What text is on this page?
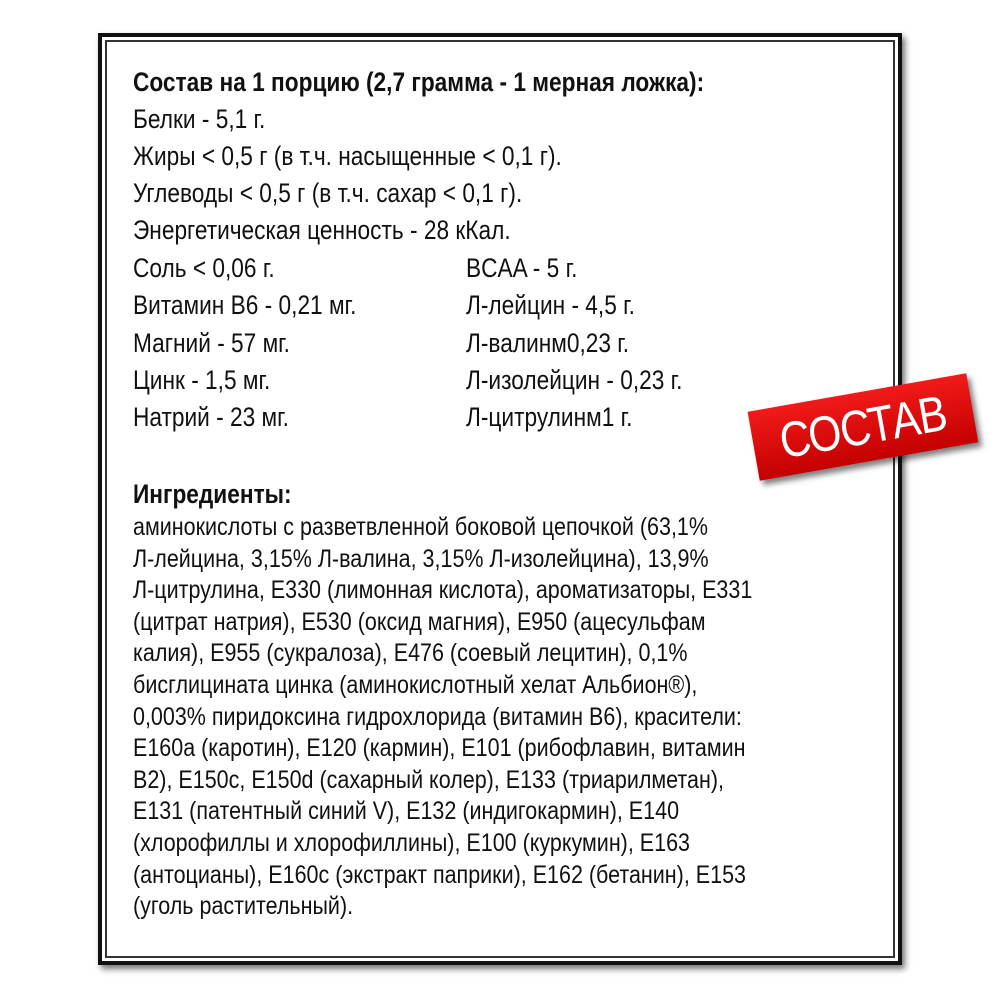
Состав на 1 порцию (2,7 грамма - 1 мерная ложка):
Белки - 5,1 г.
Жиры < 0,5 г (в т.ч. насыщенные < 0,1 г).
Углеводы < 0,5 г (в т.ч. сахар < 0,1 г).
Энергетическая ценность - 28 кКал.
Соль < 0,06 г.
Витамин B6 - 0,21 мг.
Магний - 57 мг.
Цинк - 1,5 мг.
Натрий - 23 мг.
BCAA - 5 г.
Л-лейцин - 4,5 г.
Л-валинм0,23 г.
Л-изолейцин - 0,23 г.
Л-цитрулинм1 г.	СОСТАВ
Ингредиенты:
аминокислоты с разветвленной боковой цепочкой (63,1%
Л-лейцина, 3,15% Л-валина, 3,15% Л-изолейцина), 13,9%
Л-цитрулина, E330 (лимонная кислота), ароматизаторы, E331
(цитрат натрия), E530 (оксид магния), E950 (ацесульфам
калия), E955 (сукралоза), E476 (соевый лецитин), 0,1%
бисглицината цинка (аминокислотный хелат Альбион®),
0,003% пиридоксина гидрохлорида (витамин B6), красители:
E160a (каротин), E120 (кармин), E101 (рибофлавин, витамин
B2), E150c, E150d (сахарный колер), E133 (триарилметан),
E131 (патентный синий V), E132 (индигокармин), E140
(хлорофиллы и хлорофиллины), E100 (куркумин), E163
(антоцианы), E160c (экстракт паприки), E162 (бетанин), E153
(уголь растительный).
